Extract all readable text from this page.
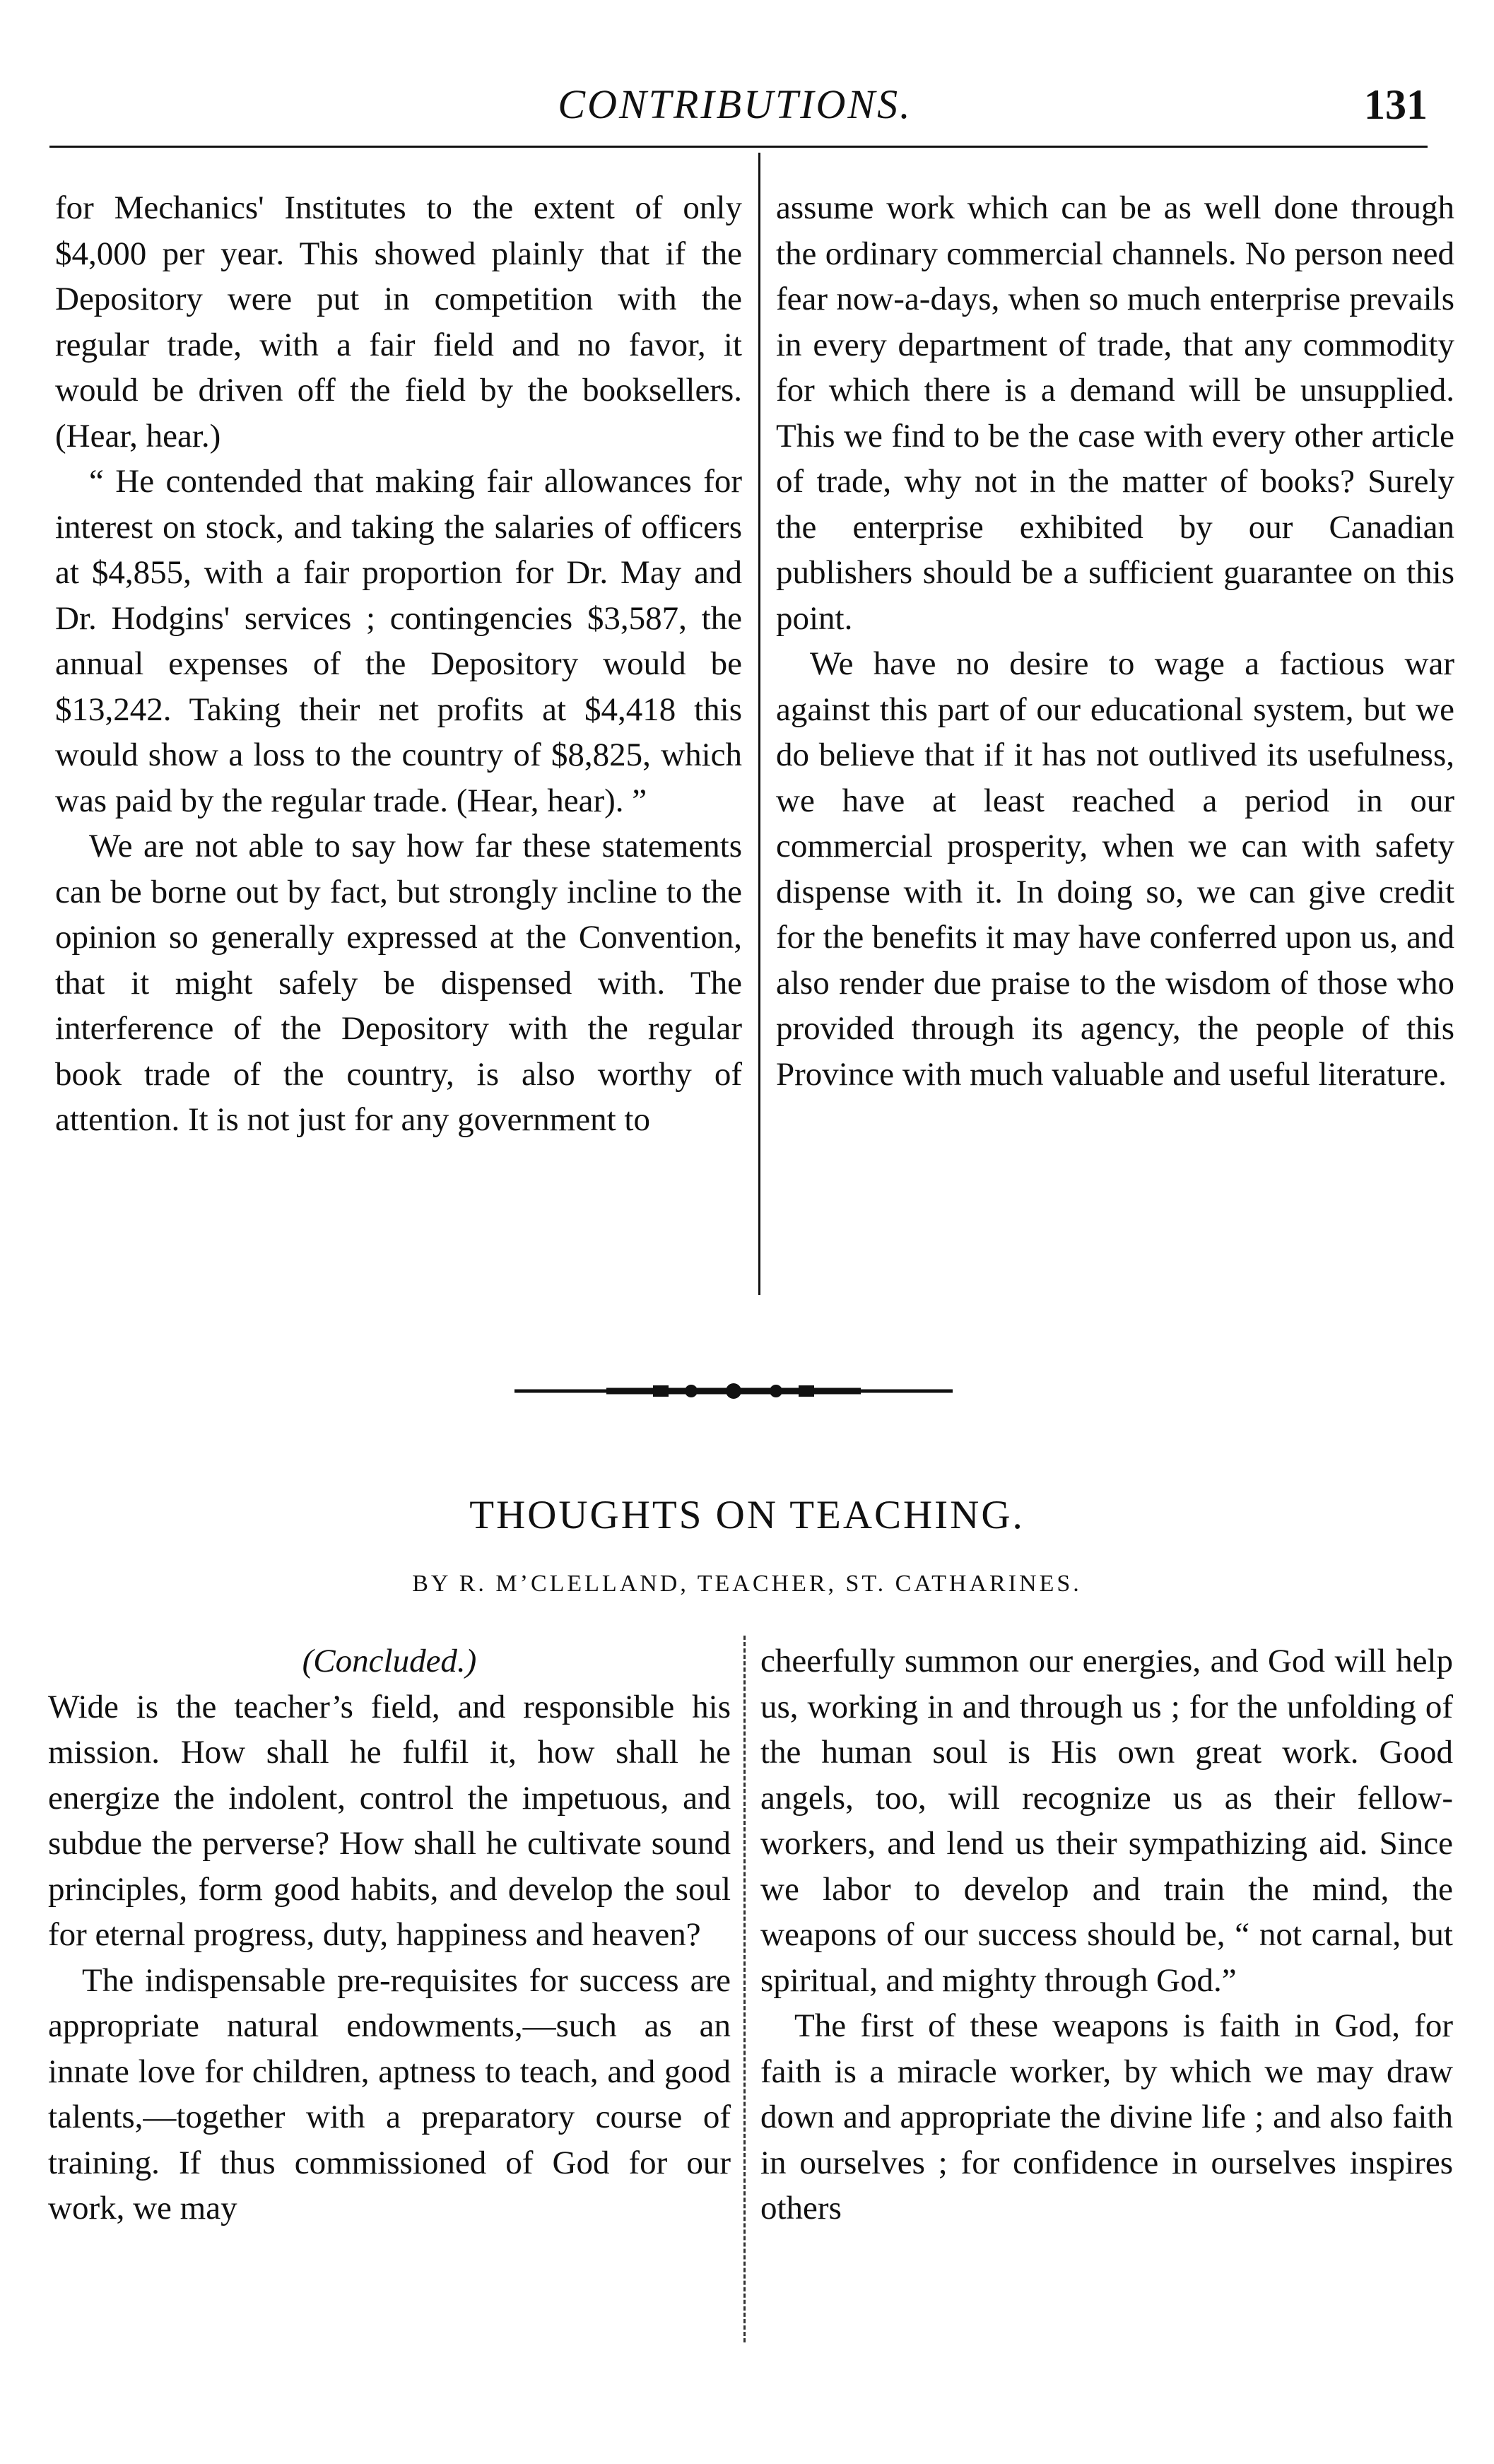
CONTRIBUTIONS.	131

for Mechanics' Institutes to the extent of only $4,000 per year. This showed plainly that if the Depository were put in competition with the regular trade, with a fair field and no favor, it would be driven off the field by the booksellers. (Hear, hear.)

“ He contended that making fair allowances for interest on stock, and taking the salaries of officers at $4,855, with a fair proportion for Dr. May and Dr. Hodgins' services ; contingencies $3,587, the annual expenses of the Depository would be $13,242. Taking their net profits at $4,418 this would show a loss to the country of $8,825, which was paid by the regular trade. (Hear, hear). ”

We are not able to say how far these statements can be borne out by fact, but strongly incline to the opinion so generally expressed at the Convention, that it might safely be dispensed with. The interference of the Depository with the regular book trade of the country, is also worthy of attention. It is not just for any government to

assume work which can be as well done through the ordinary commercial channels. No person need fear now-a-days, when so much enterprise prevails in every department of trade, that any commodity for which there is a demand will be unsupplied. This we find to be the case with every other article of trade, why not in the matter of books? Surely the enterprise exhibited by our Canadian publishers should be a sufficient guarantee on this point.

We have no desire to wage a factious war against this part of our educational system, but we do believe that if it has not outlived its usefulness, we have at least reached a period in our commercial prosperity, when we can with safety dispense with it. In doing so, we can give credit for the benefits it may have conferred upon us, and also render due praise to the wisdom of those who provided through its agency, the people of this Province with much valuable and useful literature.

THOUGHTS ON TEACHING.
BY R. M’CLELLAND, TEACHER, ST. CATHARINES.

(Concluded.)

Wide is the teacher’s field, and responsible his mission. How shall he fulfil it, how shall he energize the indolent, control the impetuous, and subdue the perverse? How shall he cultivate sound principles, form good habits, and develop the soul for eternal progress, duty, happiness and heaven?

The indispensable pre-requisites for success are appropriate natural endowments,—such as an innate love for children, aptness to teach, and good talents,—together with a preparatory course of training. If thus commissioned of God for our work, we may

cheerfully summon our energies, and God will help us, working in and through us ; for the unfolding of the human soul is His own great work. Good angels, too, will recognize us as their fellow-workers, and lend us their sympathizing aid. Since we labor to develop and train the mind, the weapons of our success should be, “ not carnal, but spiritual, and mighty through God.”

The first of these weapons is faith in God, for faith is a miracle worker, by which we may draw down and appropriate the divine life ; and also faith in ourselves ; for confidence in ourselves inspires others
